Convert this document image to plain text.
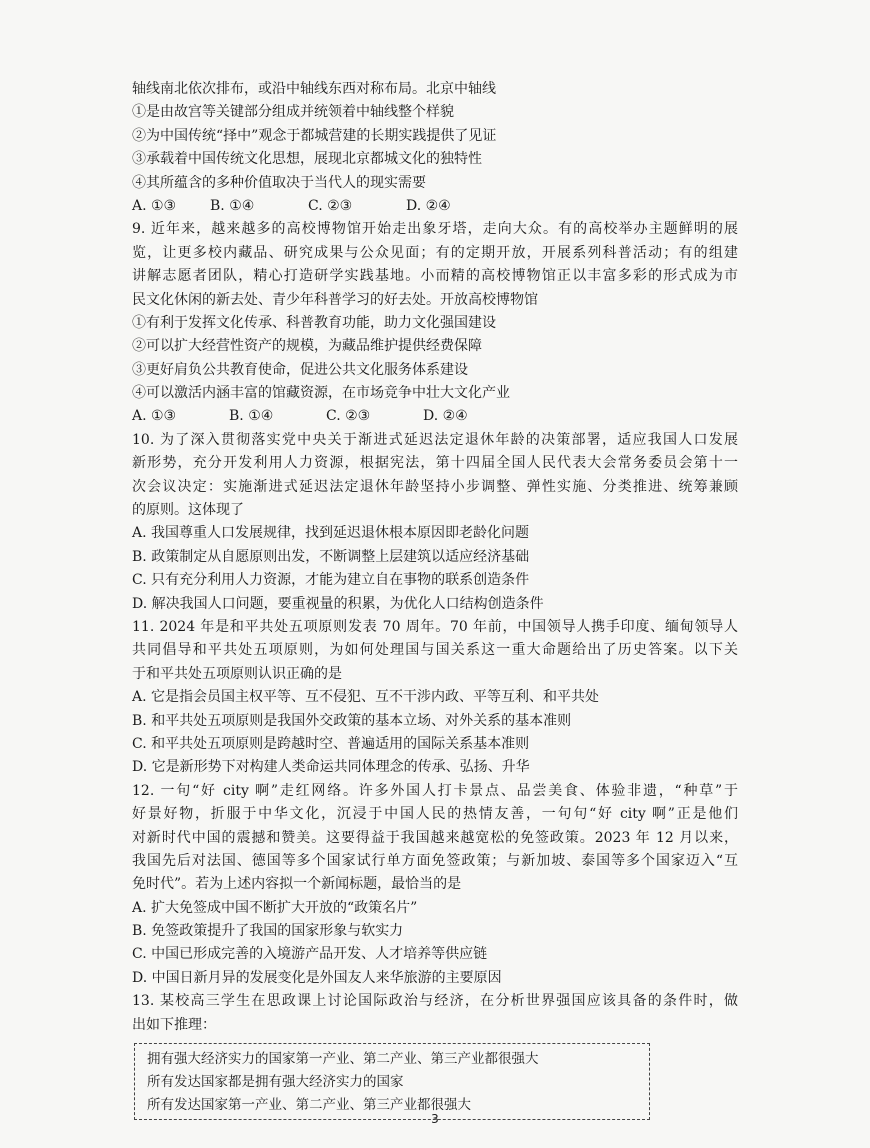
轴线南北依次排布，或沿中轴线东西对称布局。北京中轴线
①是由故宫等关键部分组成并统领着中轴线整个样貌
②为中国传统“择中”观念于都城营建的长期实践提供了见证
③承载着中国传统文化思想，展现北京都城文化的独特性
④其所蕴含的多种价值取决于当代人的现实需要
A. ①③	B. ①④	C. ②③	D. ②④
9. 近年来，越来越多的高校博物馆开始走出象牙塔，走向大众。有的高校举办主题鲜明的展
览，让更多校内藏品、研究成果与公众见面；有的定期开放，开展系列科普活动；有的组建
讲解志愿者团队，精心打造研学实践基地。小而精的高校博物馆正以丰富多彩的形式成为市
民文化休闲的新去处、青少年科普学习的好去处。开放高校博物馆
①有利于发挥文化传承、科普教育功能，助力文化强国建设
②可以扩大经营性资产的规模，为藏品维护提供经费保障
③更好肩负公共教育使命，促进公共文化服务体系建设
④可以激活内涵丰富的馆藏资源，在市场竞争中壮大文化产业
A. ①③	B. ①④	C. ②③	D. ②④
10. 为了深入贯彻落实党中央关于渐进式延迟法定退休年龄的决策部署，适应我国人口发展
新形势，充分开发利用人力资源，根据宪法，第十四届全国人民代表大会常务委员会第十一
次会议决定：实施渐进式延迟法定退休年龄坚持小步调整、弹性实施、分类推进、统筹兼顾
的原则。这体现了
A. 我国尊重人口发展规律，找到延迟退休根本原因即老龄化问题
B. 政策制定从自愿原则出发，不断调整上层建筑以适应经济基础
C. 只有充分利用人力资源，才能为建立自在事物的联系创造条件
D. 解决我国人口问题，要重视量的积累，为优化人口结构创造条件
11. 2024 年是和平共处五项原则发表 70 周年。70 年前，中国领导人携手印度、缅甸领导人
共同倡导和平共处五项原则，为如何处理国与国关系这一重大命题给出了历史答案。以下关
于和平共处五项原则认识正确的是
A. 它是指会员国主权平等、互不侵犯、互不干涉内政、平等互利、和平共处
B. 和平共处五项原则是我国外交政策的基本立场、对外关系的基本准则
C. 和平共处五项原则是跨越时空、普遍适用的国际关系基本准则
D. 它是新形势下对构建人类命运共同体理念的传承、弘扬、升华
12. 一句“好 city 啊”走红网络。许多外国人打卡景点、品尝美食、体验非遗，“种草”于
好景好物，折服于中华文化，沉浸于中国人民的热情友善，一句句“好 city 啊”正是他们
对新时代中国的震撼和赞美。这要得益于我国越来越宽松的免签政策。2023 年 12 月以来，
我国先后对法国、德国等多个国家试行单方面免签政策；与新加坡、泰国等多个国家迈入“互
免时代”。若为上述内容拟一个新闻标题，最恰当的是
A. 扩大免签成中国不断扩大开放的“政策名片”
B. 免签政策提升了我国的国家形象与软实力
C. 中国已形成完善的入境游产品开发、人才培养等供应链
D. 中国日新月异的发展变化是外国友人来华旅游的主要原因
13. 某校高三学生在思政课上讨论国际政治与经济，在分析世界强国应该具备的条件时，做
出如下推理：
拥有强大经济实力的国家第一产业、第二产业、第三产业都很强大
所有发达国家都是拥有强大经济实力的国家
所有发达国家第一产业、第二产业、第三产业都很强大
3
